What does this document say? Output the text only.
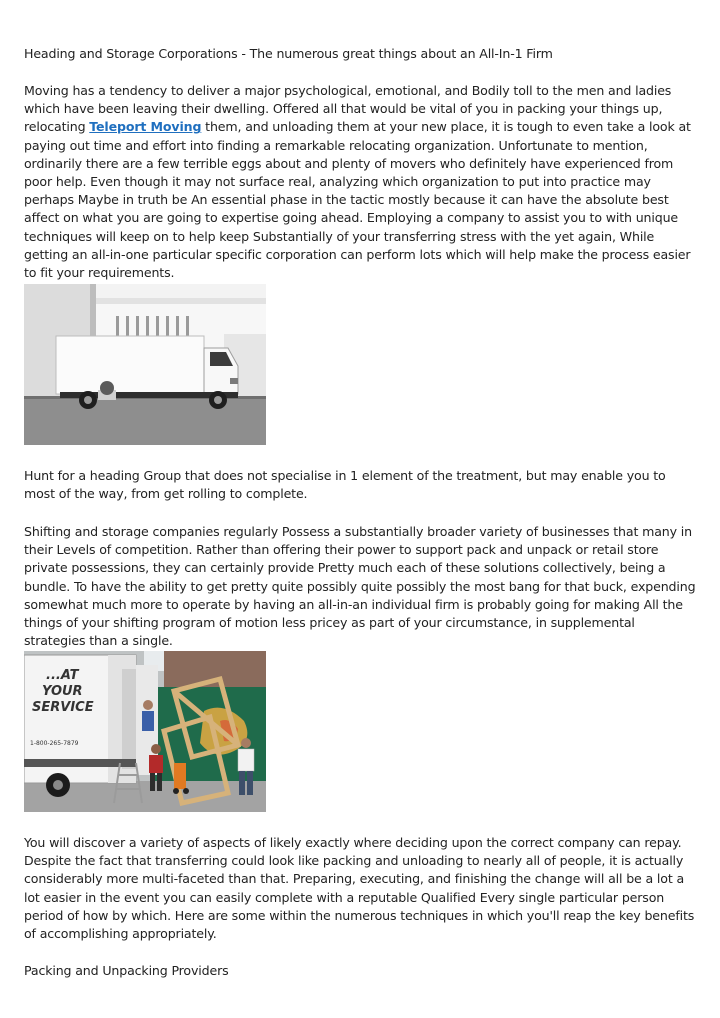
Heading and Storage Corporations - The numerous great things about an All-In-1 Firm

Moving has a tendency to deliver a major psychological, emotional, and Bodily toll to the men and ladies which have been leaving their dwelling. Offered all that would be vital of you in packing your things up, relocating Teleport Moving them, and unloading them at your new place, it is tough to even take a look at paying out time and effort into finding a remarkable relocating organization. Unfortunate to mention, ordinarily there are a few terrible eggs about and plenty of movers who definitely have experienced from poor help. Even though it may not surface real, analyzing which organization to put into practice may perhaps Maybe in truth be An essential phase in the tactic mostly because it can have the absolute best affect on what you are going to expertise going ahead. Employing a company to assist you to with unique techniques will keep on to help keep Substantially of your transferring stress with the yet again, While getting an all-in-one particular specific corporation can perform lots which will help make the process easier to fit your requirements.

Hunt for a heading Group that does not specialise in 1 element of the treatment, but may enable you to most of the way, from get rolling to complete.

Shifting and storage companies regularly Possess a substantially broader variety of businesses that many in their Levels of competition. Rather than offering their power to support pack and unpack or retail store private possessions, they can certainly provide Pretty much each of these solutions collectively, being a bundle. To have the ability to get pretty quite possibly quite possibly the most bang for that buck, expending somewhat much more to operate by having an all-in-an individual firm is probably going for making All the things of your shifting program of motion less pricey as part of your circumstance, in supplemental strategies than a single.

You will discover a variety of aspects of likely exactly where deciding upon the correct company can repay. Despite the fact that transferring could look like packing and unloading to nearly all of people, it is actually considerably more multi-faceted than that. Preparing, executing, and finishing the change will all be a lot a lot easier in the event you can easily complete with a reputable Qualified Every single particular person period of how by which. Here are some within the numerous techniques in which you'll reap the key benefits of accomplishing appropriately.

Packing and Unpacking Providers

...AT
YOUR
SERVICE
1-800-265-7879
